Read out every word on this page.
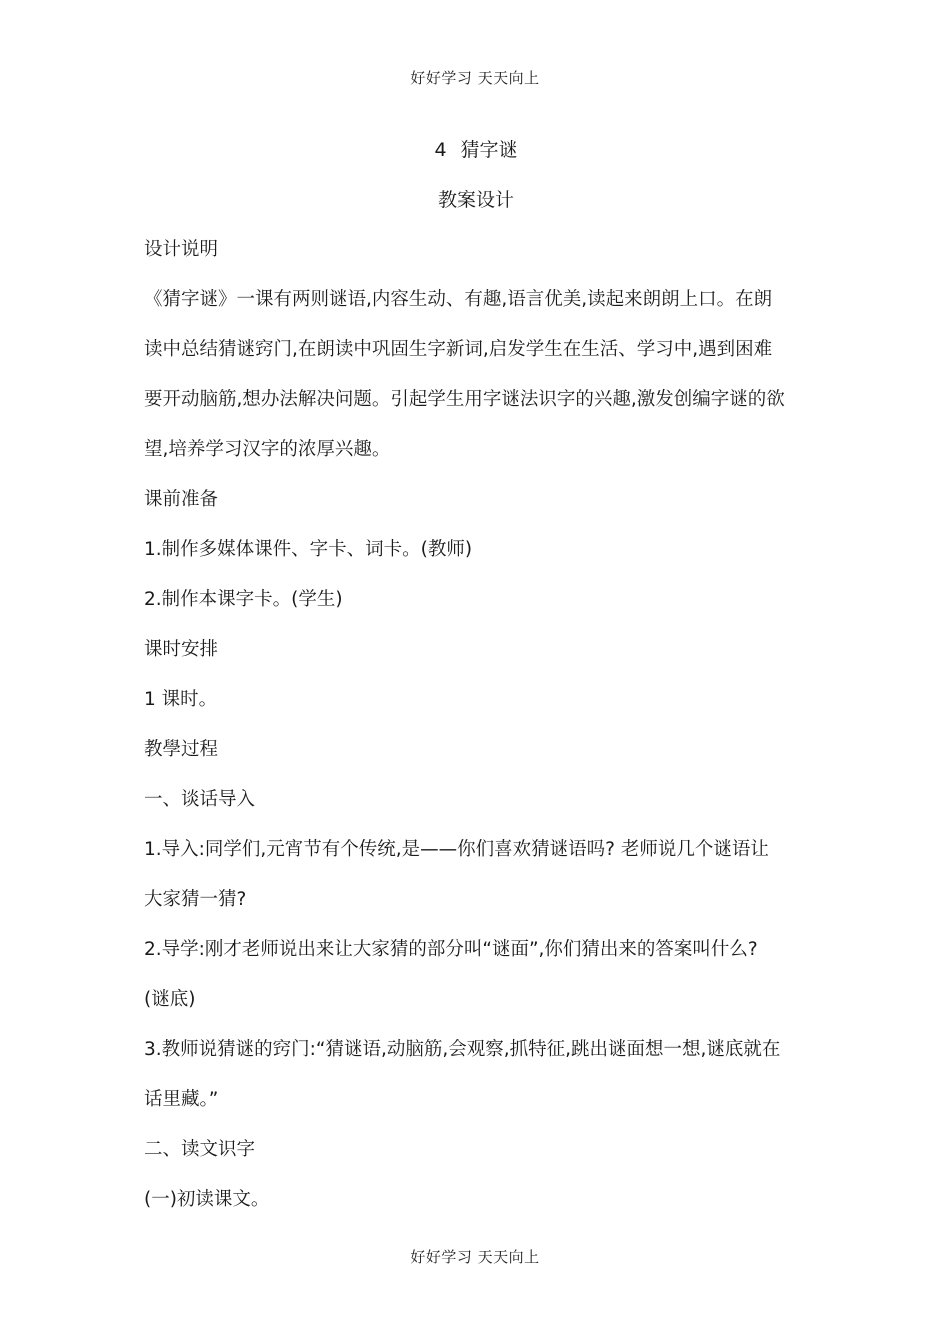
好好学习 天天向上
4 猜字谜
教案设计
设计说明
《猜字谜》一课有两则谜语,内容生动、有趣,语言优美,读起来朗朗上口。在朗
读中总结猜谜窍门,在朗读中巩固生字新词,启发学生在生活、学习中,遇到困难
要开动脑筋,想办法解决问题。引起学生用字谜法识字的兴趣,激发创编字谜的欲
望,培养学习汉字的浓厚兴趣。
课前准备
1.制作多媒体课件、字卡、词卡。(教师)
2.制作本课字卡。(学生)
课时安排
1 课时。
教學过程
一、谈话导入
1.导入:同学们,元宵节有个传统,是——你们喜欢猜谜语吗? 老师说几个谜语让
大家猜一猜?
2.导学:刚才老师说出来让大家猜的部分叫“谜面”,你们猜出来的答案叫什么?
(谜底)
3.教师说猜谜的窍门:“猜谜语,动脑筋,会观察,抓特征,跳出谜面想一想,谜底就在
话里藏。”
二、读文识字
(一)初读课文。
好好学习 天天向上
